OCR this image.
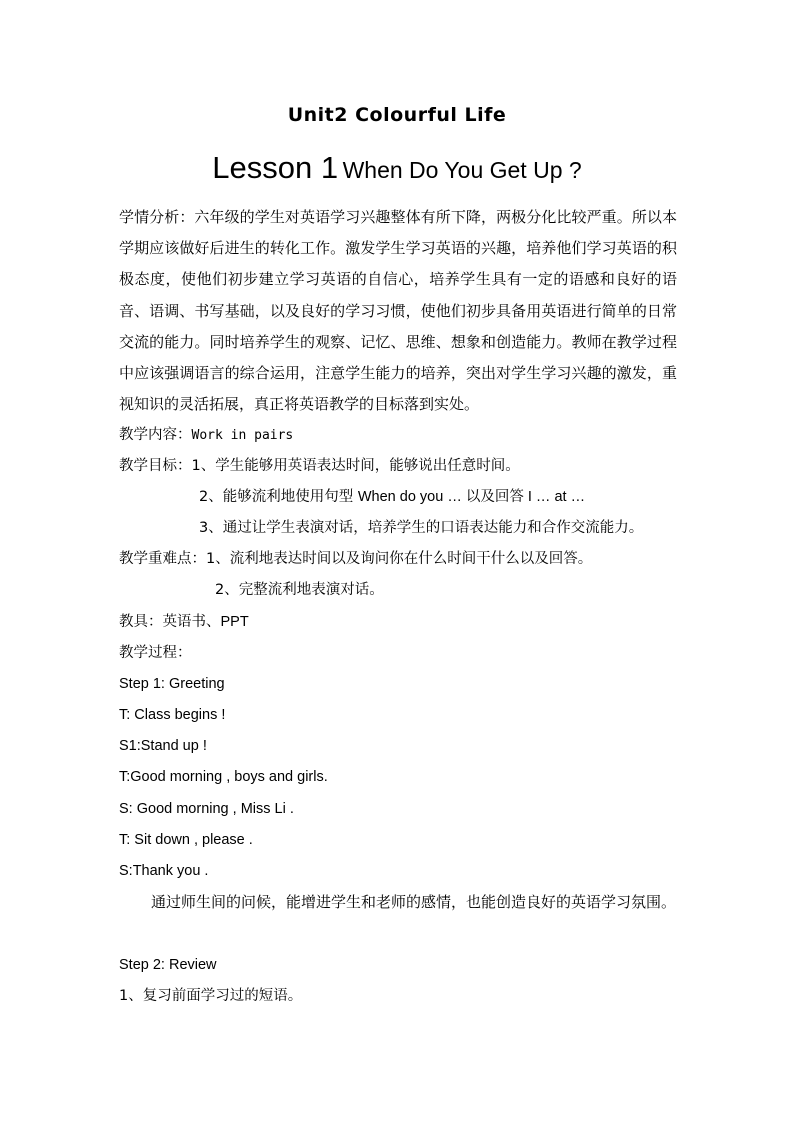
Unit2 Colourful Life
Lesson 1 When Do You Get Up ?
学情分析：六年级的学生对英语学习兴趣整体有所下降，两极分化比较严重。所以本学期应该做好后进生的转化工作。激发学生学习英语的兴趣，培养他们学习英语的积极态度，使他们初步建立学习英语的自信心，培养学生具有一定的语感和良好的语音、语调、书写基础，以及良好的学习习惯，使他们初步具备用英语进行简单的日常交流的能力。同时培养学生的观察、记忆、思维、想象和创造能力。教师在教学过程中应该强调语言的综合运用，注意学生能力的培养，突出对学生学习兴趣的激发，重视知识的灵活拓展，真正将英语教学的目标落到实处。
教学内容：Work in pairs
教学目标：1、学生能够用英语表达时间，能够说出任意时间。
2、能够流利地使用句型 When do you … 以及回答 I … at …
3、通过让学生表演对话，培养学生的口语表达能力和合作交流能力。
教学重难点：1、流利地表达时间以及询问你在什么时间干什么以及回答。
2、完整流利地表演对话。
教具：英语书、PPT
教学过程：
Step 1: Greeting
T: Class begins !
S1:Stand up !
T:Good morning , boys and girls.
S: Good morning , Miss Li .
T: Sit down , please .
S:Thank you .
通过师生间的问候，能增进学生和老师的感情，也能创造良好的英语学习氛围。
Step 2: Review
1、复习前面学习过的短语。
